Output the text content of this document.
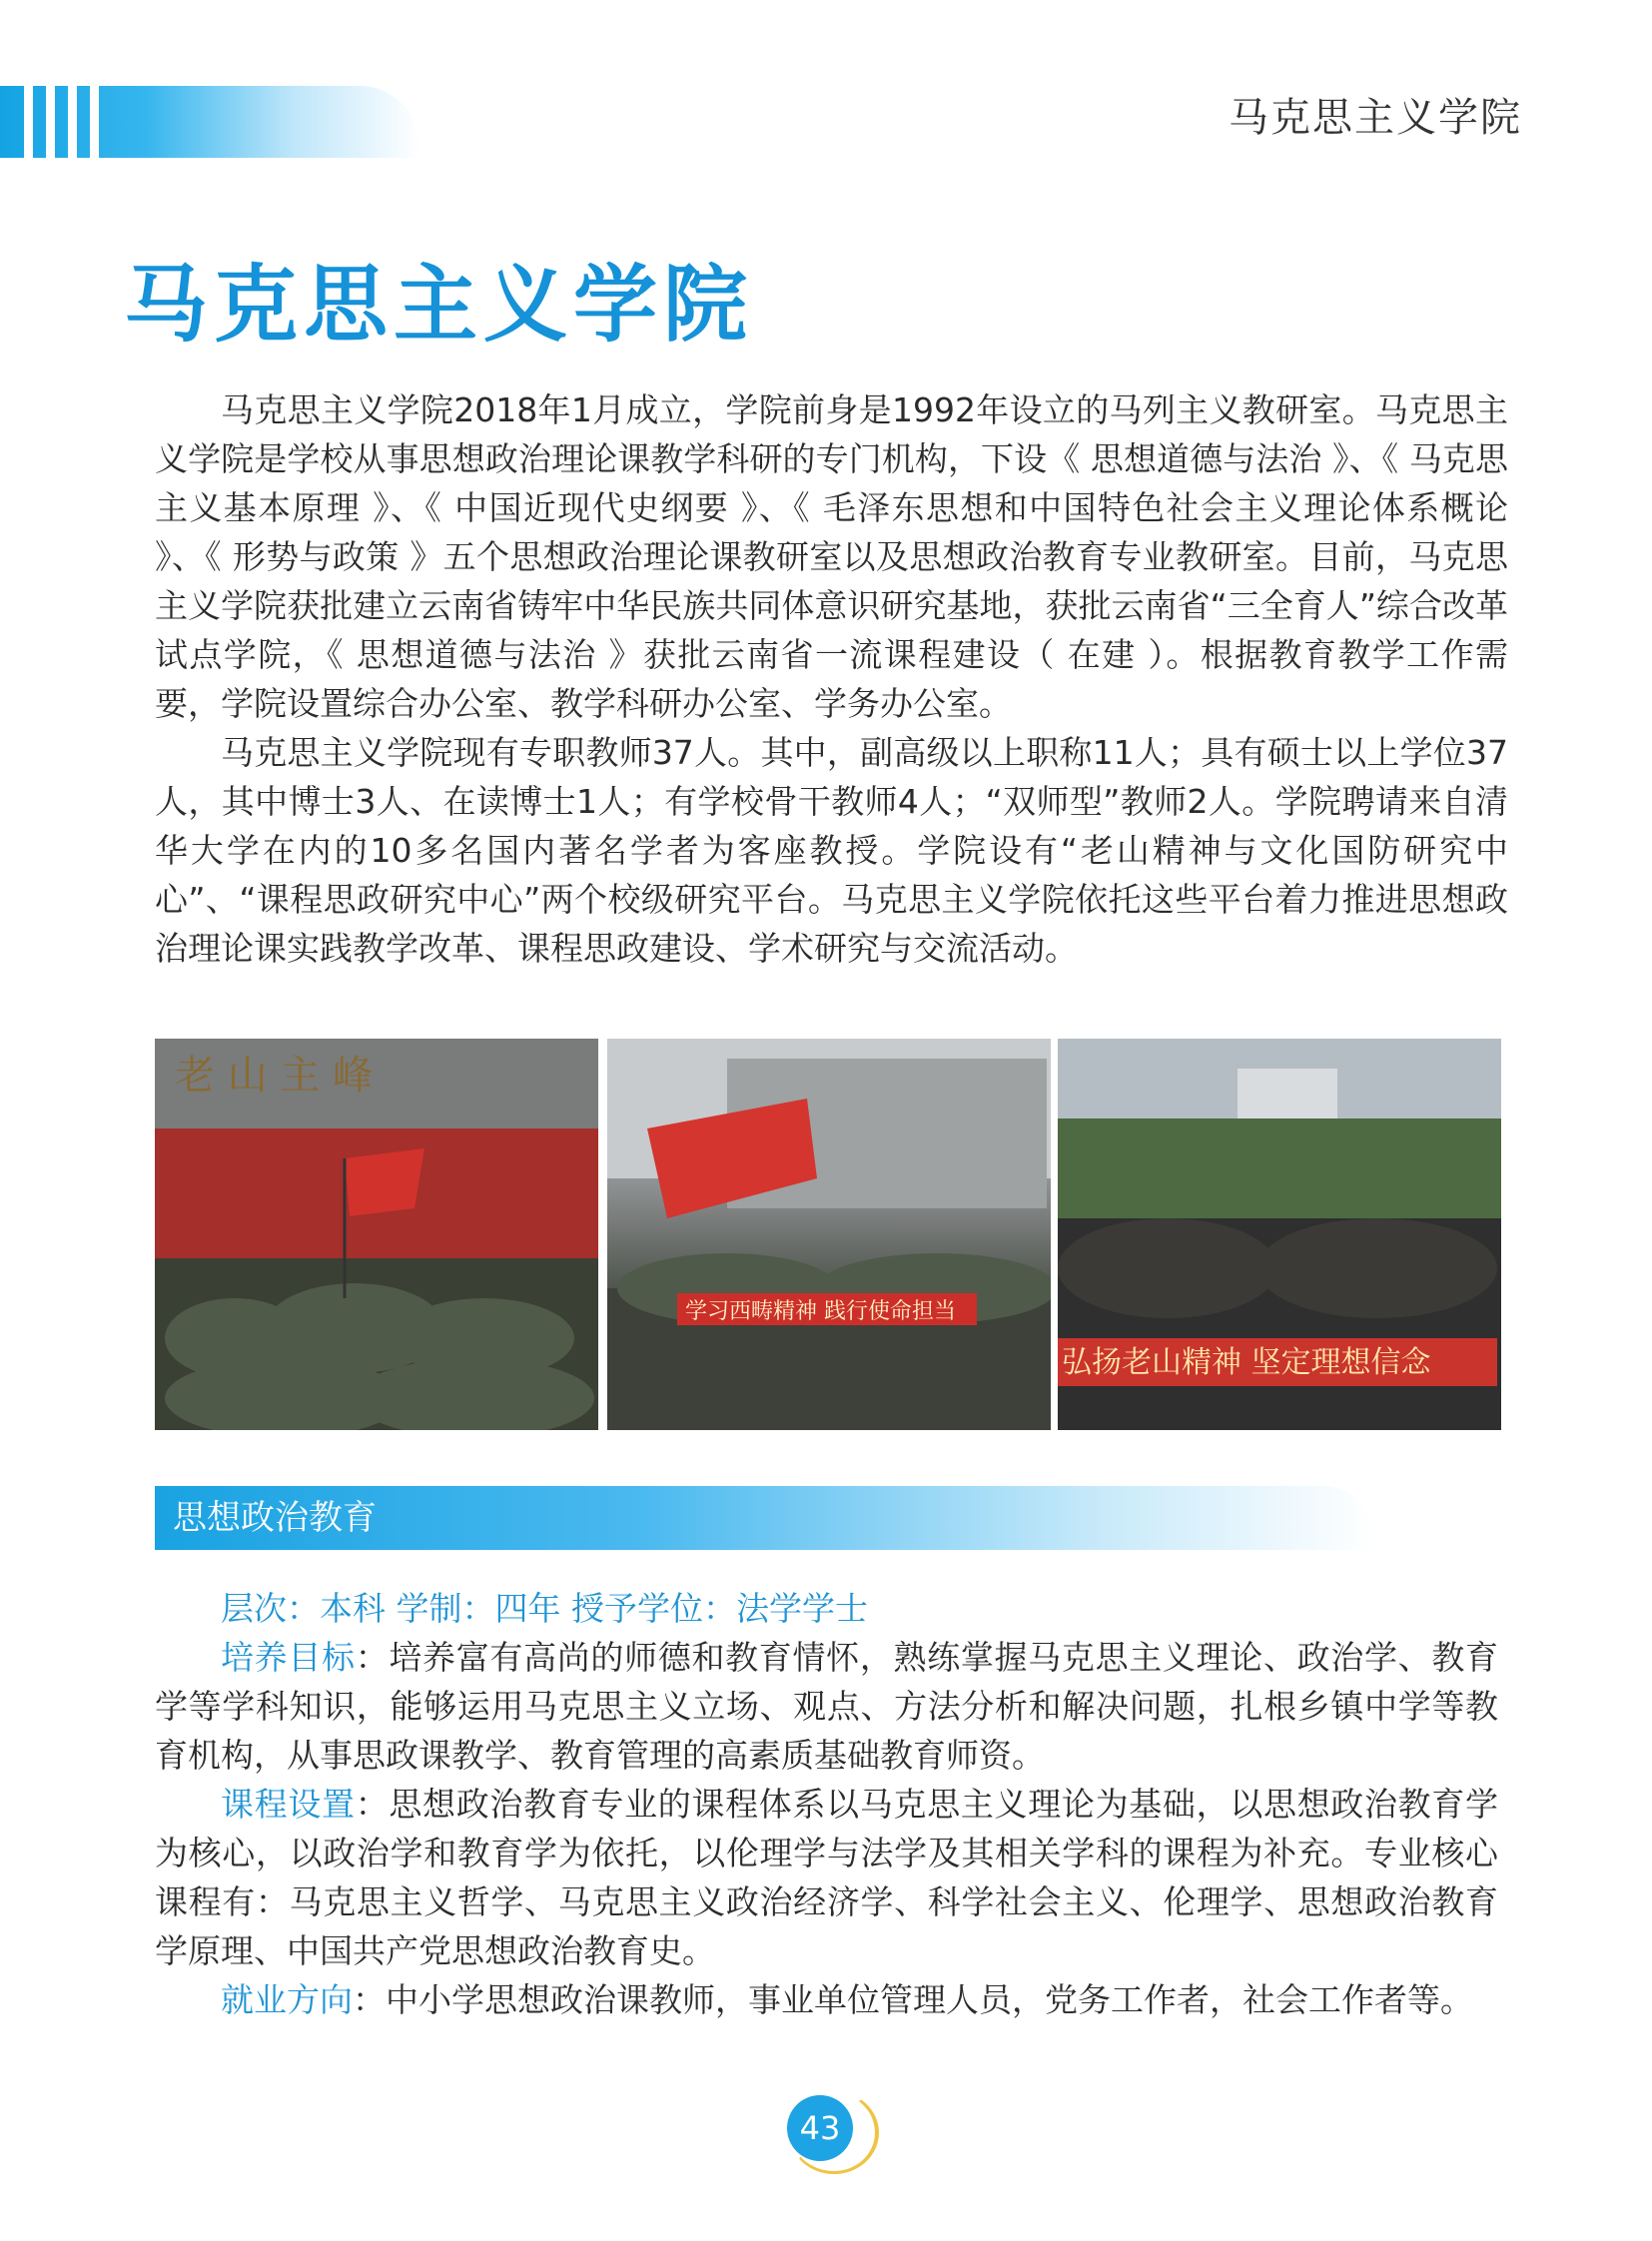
马克思主义学院
马克思主义学院

马克思主义学院2018年1月成立，学院前身是1992年设立的马列主义教研室。马克思主义学院是学校从事思想政治理论课教学科研的专门机构，下设《 思想道德与法治 》、《 马克思主义基本原理 》、《 中国近现代史纲要 》、《 毛泽东思想和中国特色社会主义理论体系概论 》、《 形势与政策 》五个思想政治理论课教研室以及思想政治教育专业教研室。目前，马克思主义学院获批建立云南省铸牢中华民族共同体意识研究基地，获批云南省“三全育人”综合改革试点学院，《 思想道德与法治 》获批云南省一流课程建设（ 在建 ）。根据教育教学工作需要，学院设置综合办公室、教学科研办公室、学务办公室。

马克思主义学院现有专职教师37人。其中，副高级以上职称11人；具有硕士以上学位37人，其中博士3人、在读博士1人；有学校骨干教师4人；“双师型”教师2人。学院聘请来自清华大学在内的10多名国内著名学者为客座教授。学院设有“老山精神与文化国防研究中心”、“课程思政研究中心”两个校级研究平台。马克思主义学院依托这些平台着力推进思想政治理论课实践教学改革、课程思政建设、学术研究与交流活动。

老 山 主 峰
学习西畴精神 践行使命担当
弘扬老山精神 坚定理想信念
思想政治教育

层次：本科 学制：四年 授予学位：法学学士

培养目标：培养富有高尚的师德和教育情怀，熟练掌握马克思主义理论、政治学、教育学等学科知识，能够运用马克思主义立场、观点、方法分析和解决问题，扎根乡镇中学等教育机构，从事思政课教学、教育管理的高素质基础教育师资。

课程设置：思想政治教育专业的课程体系以马克思主义理论为基础，以思想政治教育学为核心，以政治学和教育学为依托，以伦理学与法学及其相关学科的课程为补充。专业核心课程有：马克思主义哲学、马克思主义政治经济学、科学社会主义、伦理学、思想政治教育学原理、中国共产党思想政治教育史。

就业方向：中小学思想政治课教师，事业单位管理人员，党务工作者，社会工作者等。

43
